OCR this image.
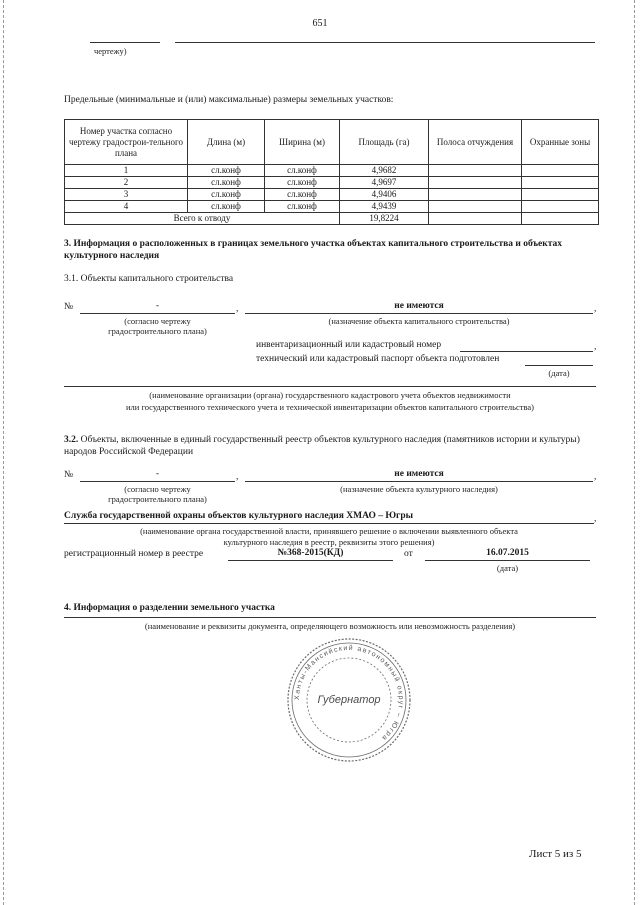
651
чертежу)
Предельные (минимальные и (или) максимальные) размеры земельных участков:
Номер участка согласно чертежу градострои-тельного плана	Длина (м)	Ширина (м)	Площадь (га)	Полоса отчуждения	Охранные зоны
1	сл.конф	сл.конф	4,9682		
2	сл.конф	сл.конф	4,9697		
3	сл.конф	сл.конф	4,9406		
4	сл.конф	сл.конф	4,9439		
Всего к отводу			19,8224		
3. Информация о расположенных в границах земельного участка объектах капитального строительства и объектах культурного наследия
3.1. Объекты капитального строительства
№	-	,	не имеются	,
(согласно чертежу
градостроительного плана)
(назначение объекта капитального строительства)
инвентаризационный или кадастровый номер	,
технический или кадастровый паспорт объекта подготовлен
(дата)
(наименование организации (органа) государственного кадастрового учета объектов недвижимости
или государственного технического учета и технической инвентаризации объектов капитального строительства)
3.2. Объекты, включенные в единый государственный реестр объектов культурного наследия (памятников истории и культуры) народов Российской Федерации
№	-	,	не имеются	,
(согласно чертежу
градостроительного плана)
(назначение объекта культурного наследия)
Служба государственной охраны объектов культурного наследия ХМАО – Югры	,
(наименование органа государственной власти, принявшего решение о включении выявленного объекта
культурного наследия в реестр, реквизиты этого решения)
регистрационный номер в реестре	№368-2015(КД)	от	16.07.2015
(дата)
4. Информация о разделении земельного участка
(наименование и реквизиты документа, определяющего возможность или невозможность разделения)
Ханты-Мансийский автономный округ – Югра
Губернатор
Лист 5 из 5
